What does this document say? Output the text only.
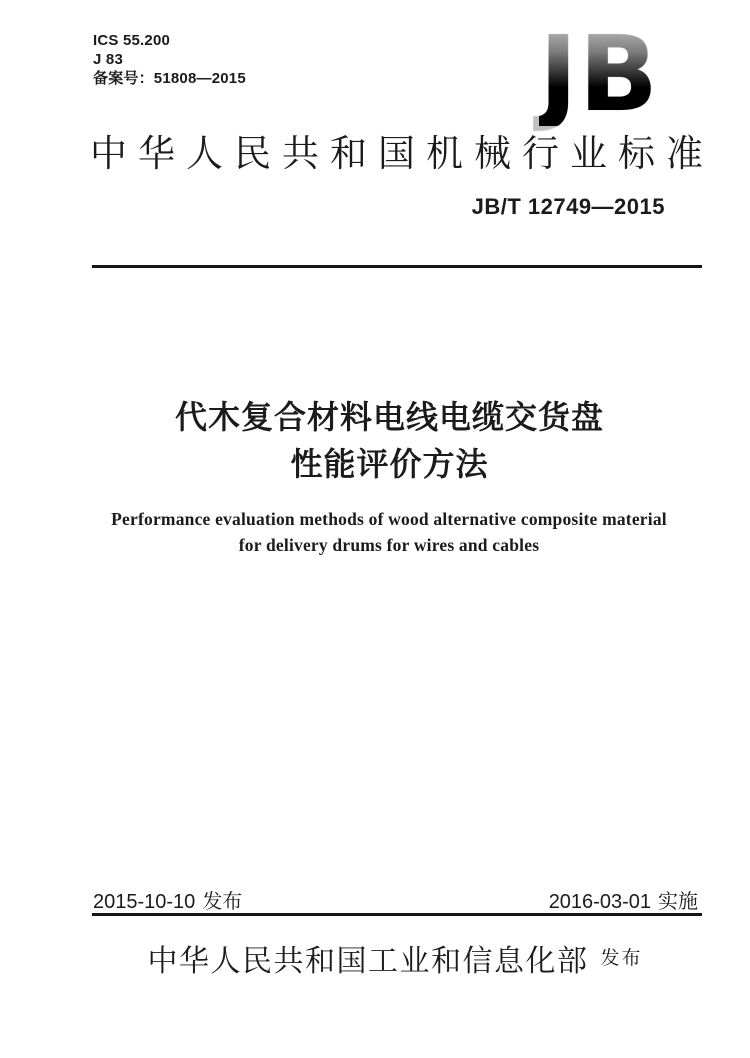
ICS 55.200
J 83
备案号：51808—2015	JB
中华人民共和国机械行业标准
JB/T 12749—2015
代木复合材料电线电缆交货盘
性能评价方法
Performance evaluation methods of wood alternative composite material
for delivery drums for wires and cables
2015-10-10 发布	2016-03-01 实施
中华人民共和国工业和信息化部 发布
